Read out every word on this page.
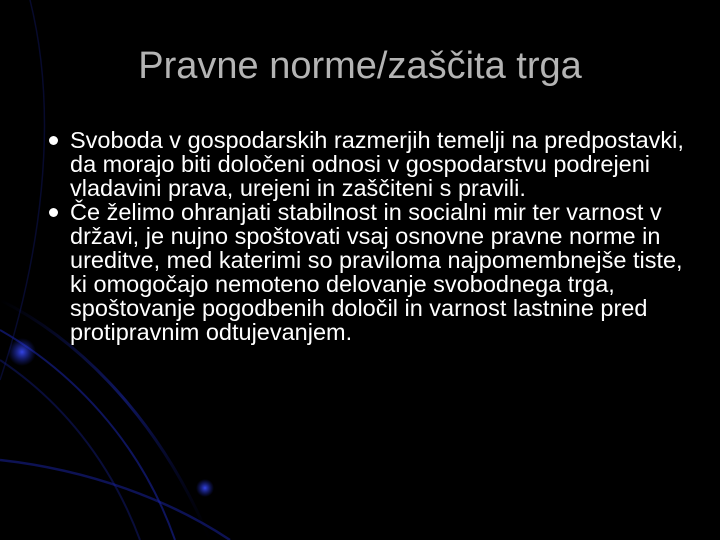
Pravne norme/zaščita trga
Svoboda v gospodarskih razmerjih temelji na predpostavki, da morajo biti določeni odnosi v gospodarstvu podrejeni vladavini prava, urejeni in zaščiteni s pravili.
Če želimo ohranjati stabilnost in socialni mir ter varnost v državi, je nujno spoštovati vsaj osnovne pravne norme in ureditve, med katerimi so praviloma najpomembnejše tiste, ki omogočajo nemoteno delovanje svobodnega trga, spoštovanje pogodbenih določil in varnost lastnine pred protipravnim odtujevanjem.
